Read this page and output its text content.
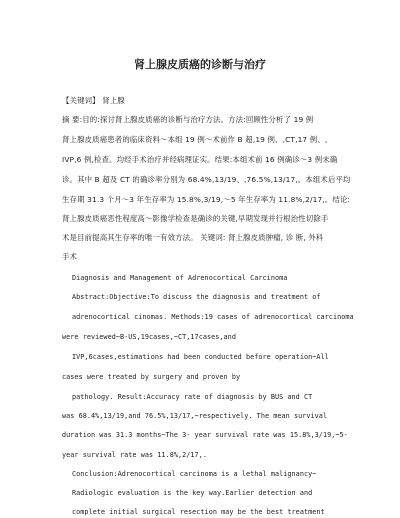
肾上腺皮质癌的诊断与治疗
【关键词】 肾上腺
摘 要:目的:探讨肾上腺皮质癌的诊断与治疗方法。方法:回顾性分析了 19 例
肾上腺皮质癌患者的临床资料～本组 19 例～术前作 B 超,19 例、,CT,17 例、,
IVP,6 例,检查。均经手术治疗并经病理证实。结果:本组术前 16 例确诊～3 例未确
诊。其中 B 超及 CT 的确诊率分别为 68.4%,13/19、,76.5%,13/17,。本组术后平均
生存期 31.3 个月～3 年生存率为 15.8%,3/19,～5 年生存率为 11.8%,2/17,。结论:
肾上腺皮质癌恶性程度高～影像学检查是确诊的关键,早期发现并行根治性切除手
术是目前提高其生存率的唯一有效方法。 关键词: 肾上腺皮质肿瘤, 诊 断, 外科
手术
Diagnosis and Management of Adrenocortical Carcinoma
Abstract:Objective:To discuss the diagnosis and treatment of
adrenocortical cinomas. Methods:19 cases of adrenocortical carcinoma
were reviewed~B-US,19cases,~CT,17cases,and
IVP,6cases,estimations had been conducted before operation~All
cases were treated by surgery and proven by
pathology. Result:Accuracy rate of diagnosis by BUS and CT
was 68.4%,13/19,and 76.5%,13/17,~respectively. The mean survival
duration was 31.3 months~The 3- year survival rate was 15.8%,3/19,~5-
year survival rate was 11.8%,2/17,.
Conclusion:Adrenocortical carcinoma is a lethal malignancy~
Radiologic evaluation is the key way.Earlier detection and
complete initial surgical resection may be the best treatment
